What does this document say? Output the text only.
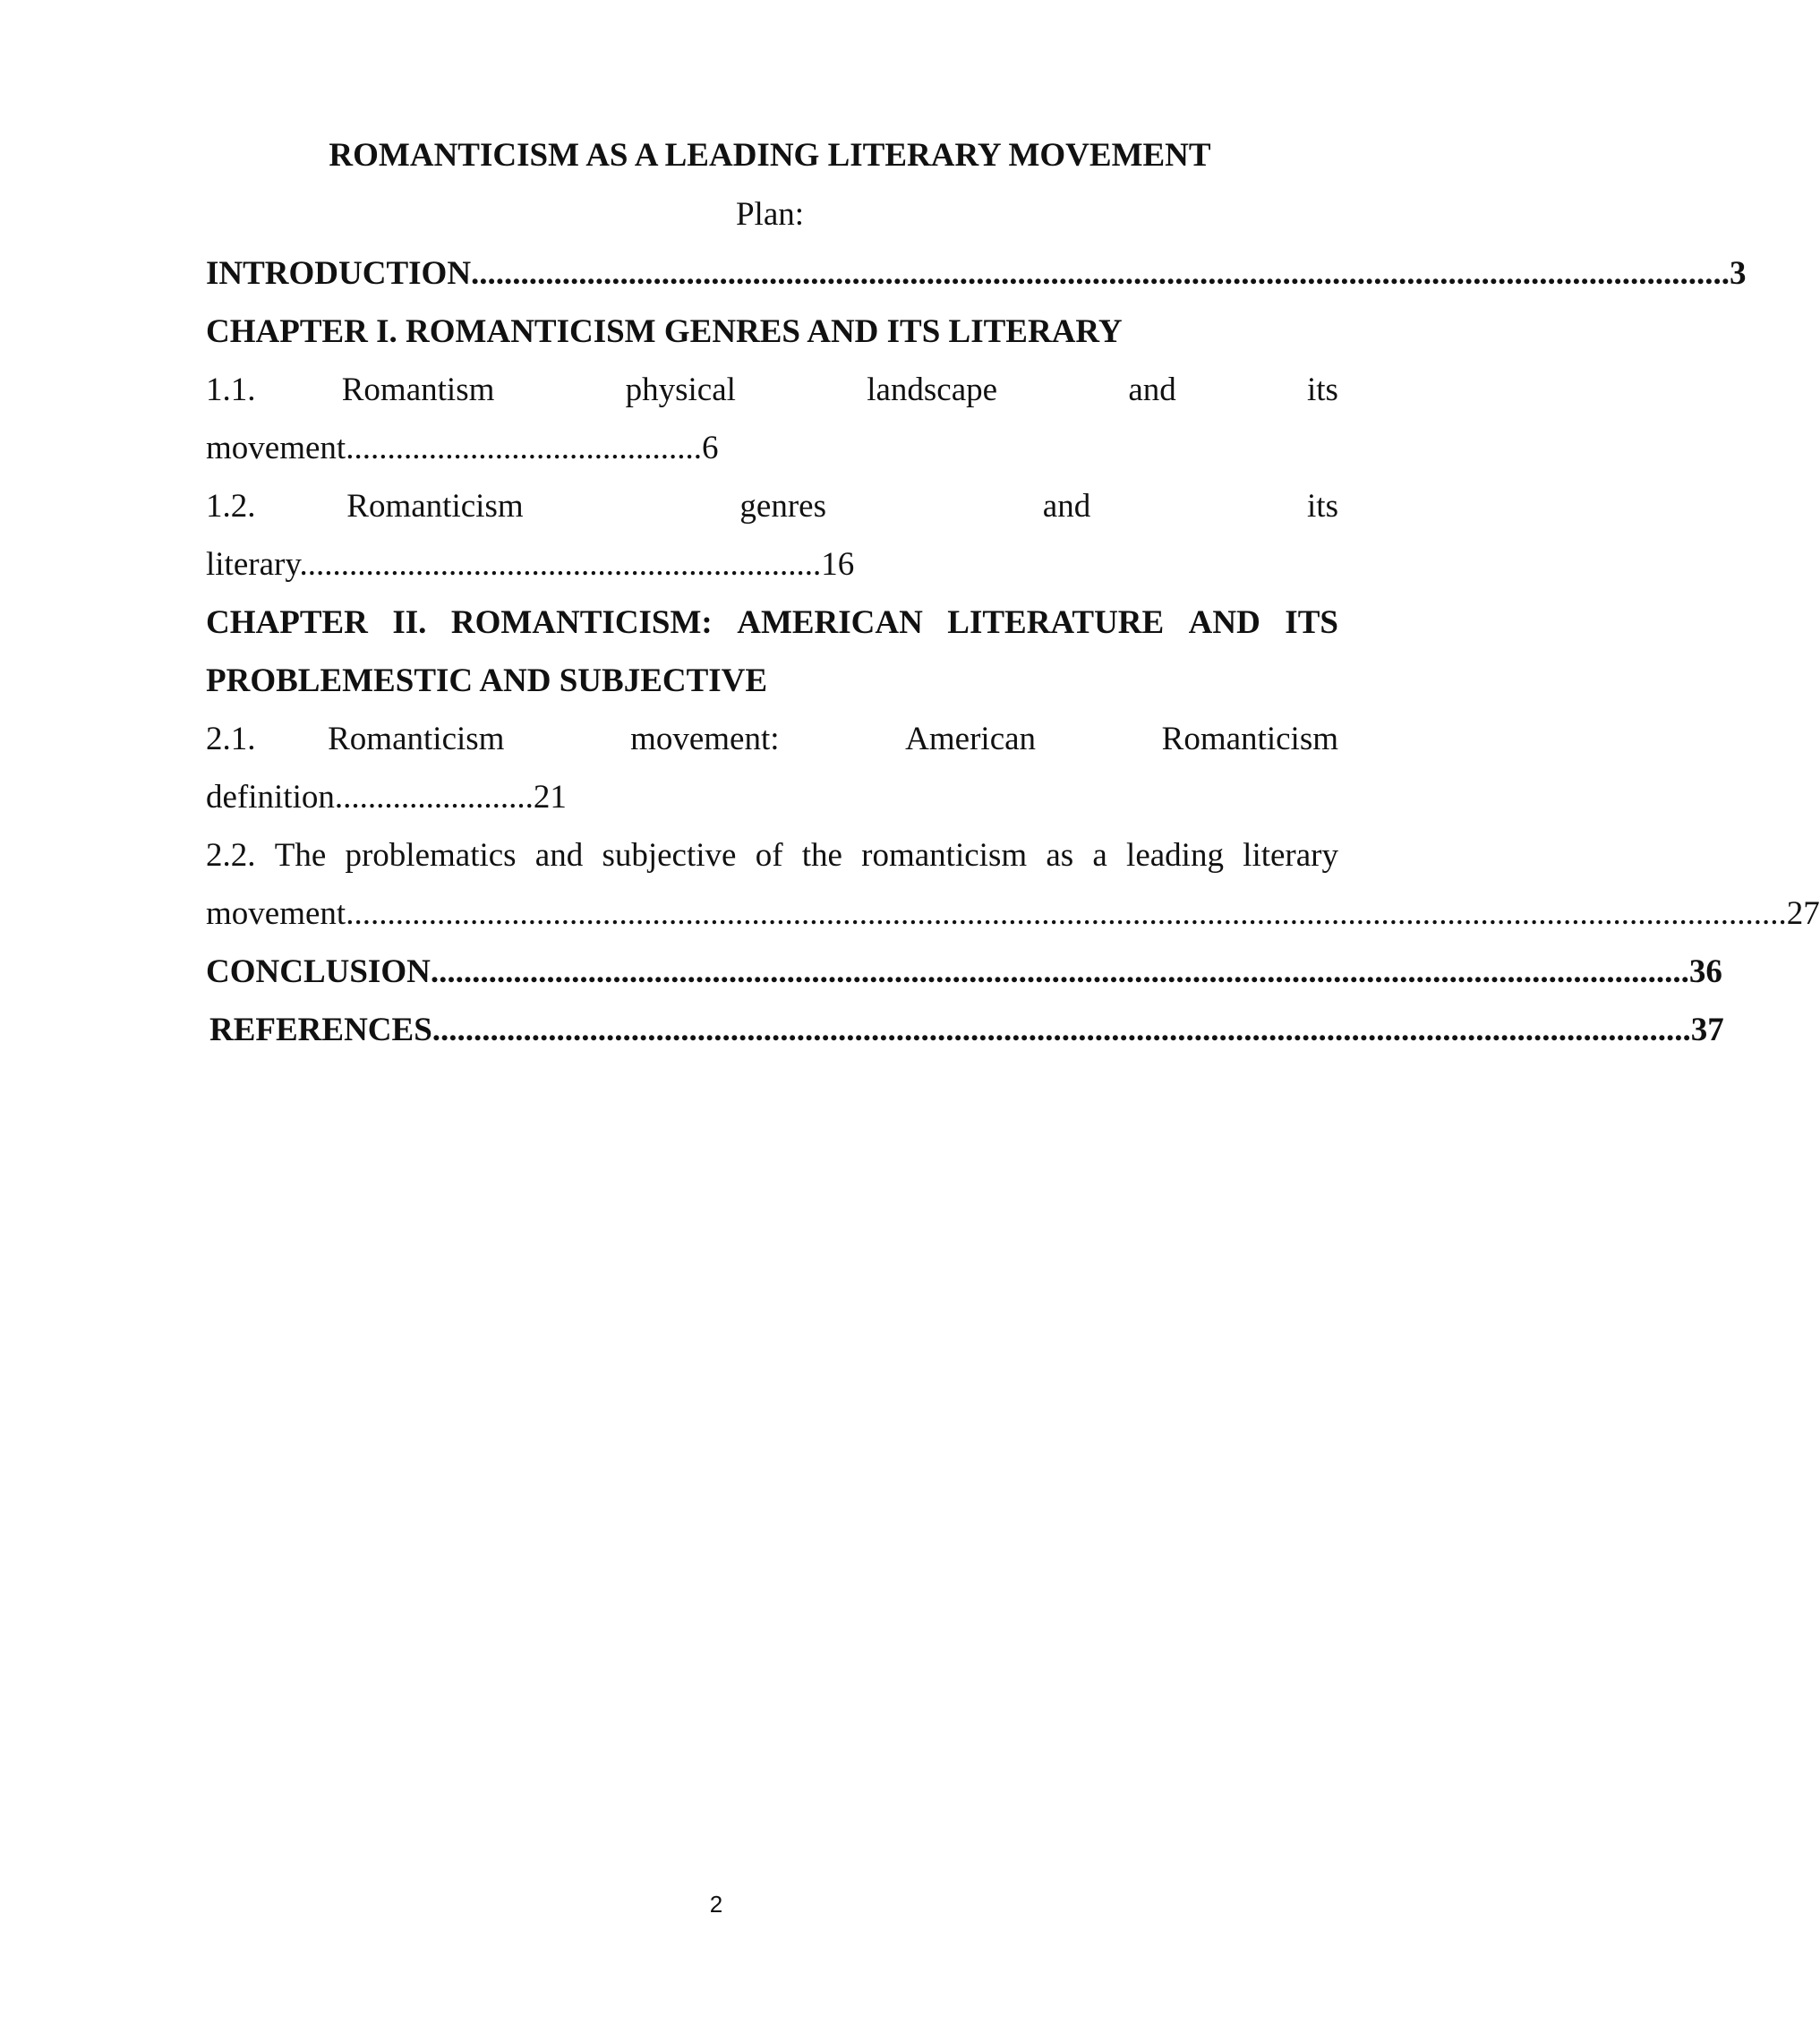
ROMANTICISM AS A LEADING LITERARY MOVEMENT
Plan:
INTRODUCTION ........................................................................................................................................................ 3
CHAPTER I. ROMANTICISM GENRES AND ITS LITERARY
1.1.	Romantism	physical	landscape	and	its
movement...........................................6
1.2.	Romanticism	genres	and	its
literary...............................................................16
CHAPTER II. ROMANTICISM: AMERICAN LITERATURE AND ITS
PROBLEMESTIC AND SUBJECTIVE
2.1. Romanticism	movement:	American	Romanticism
definition........................21
2.2. The problematics and subjective of the romanticism as a leading literary
movement .............................................................................................................................................................................. 27
CONCLUSION ........................................................................................................................................................ 36
REFERENCES ........................................................................................................................................................ 37
2
